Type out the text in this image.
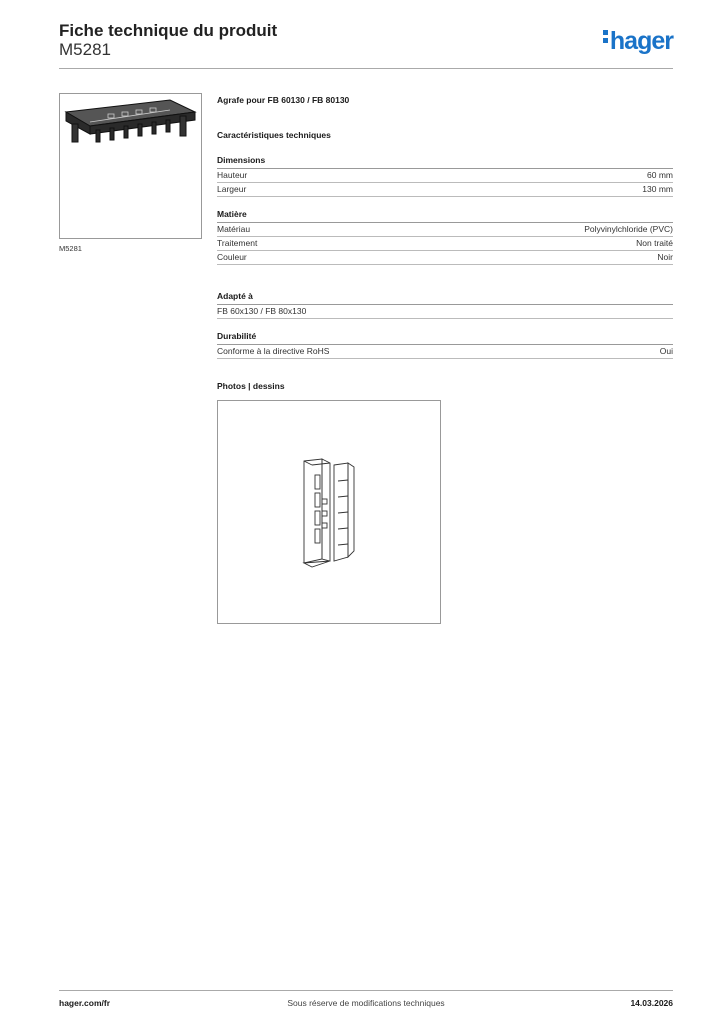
Fiche technique du produit
M5281	hager
M5281
Agrafe pour FB 60130 / FB 80130
Caractéristiques techniques
Dimensions
Hauteur	60 mm
Largeur	130 mm
Matière
Matériau	Polyvinylchloride (PVC)
Traitement	Non traité
Couleur	Noir
Adapté à
FB 60x130 / FB 80x130
Durabilité
Conforme à la directive RoHS	Oui
Photos | dessins
hager.com/fr	Sous réserve de modifications techniques	14.03.2026
